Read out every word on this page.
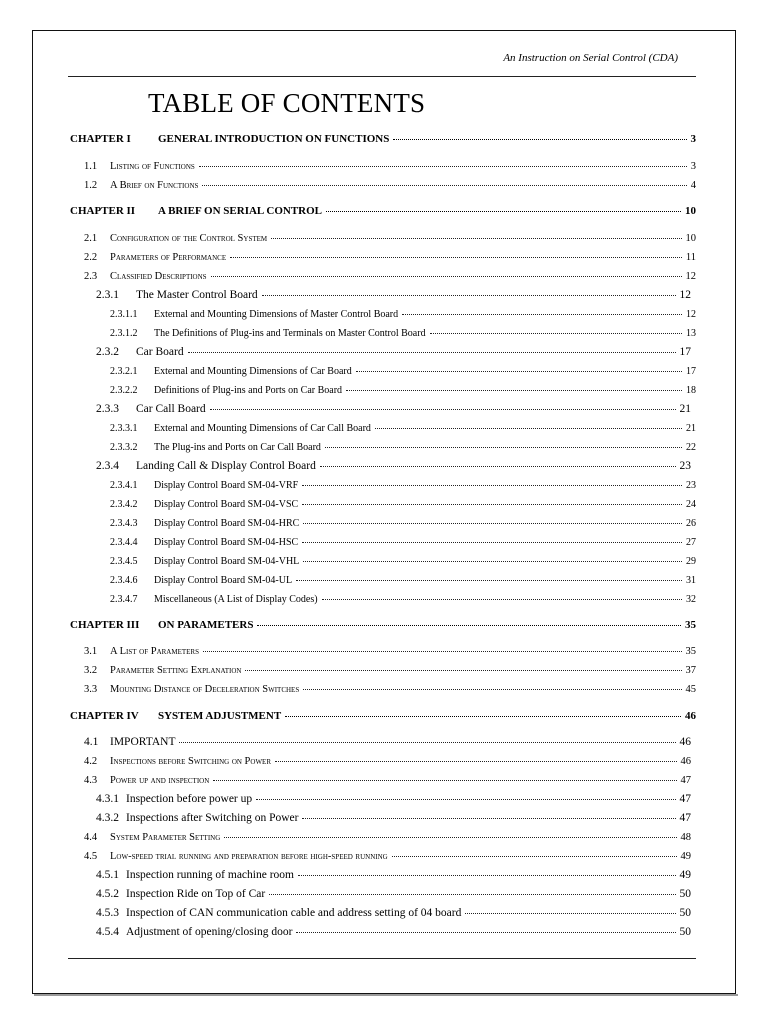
An Instruction on Serial Control (CDA)
TABLE OF CONTENTS
CHAPTER I	GENERAL INTRODUCTION ON FUNCTIONS	3
1.1	Listing of Functions	3
1.2	A Brief on Functions	4
CHAPTER II	A BRIEF ON SERIAL CONTROL	10
2.1	Configuration of the Control System	10
2.2	Parameters of Performance	11
2.3	Classified Descriptions	12
2.3.1	The Master Control Board	12
2.3.1.1	External and Mounting Dimensions of Master Control Board	12
2.3.1.2	The Definitions of Plug-ins and Terminals on Master Control Board	13
2.3.2	Car Board	17
2.3.2.1	External and Mounting Dimensions of Car Board	17
2.3.2.2	Definitions of Plug-ins and Ports on Car Board	18
2.3.3	Car Call Board	21
2.3.3.1	External and Mounting Dimensions of Car Call Board	21
2.3.3.2	The Plug-ins and Ports on Car Call Board	22
2.3.4	Landing Call & Display Control Board	23
2.3.4.1	Display Control Board SM-04-VRF	23
2.3.4.2	Display Control Board SM-04-VSC	24
2.3.4.3	Display Control Board SM-04-HRC	26
2.3.4.4	Display Control Board SM-04-HSC	27
2.3.4.5	Display Control Board SM-04-VHL	29
2.3.4.6	Display Control Board SM-04-UL	31
2.3.4.7	Miscellaneous (A List of Display Codes)	32
CHAPTER III	ON PARAMETERS	35
3.1	A List of Parameters	35
3.2	Parameter Setting Explanation	37
3.3	Mounting Distance of Deceleration Switches	45
CHAPTER IV	SYSTEM ADJUSTMENT	46
4.1	IMPORTANT	46
4.2	Inspections before Switching on Power	46
4.3	Power up and inspection	47
4.3.1 Inspection before power up	47
4.3.2 Inspections after Switching on Power	47
4.4	System Parameter Setting	48
4.5	Low-speed trial running and preparation before high-speed running	49
4.5.1 Inspection running of machine room	49
4.5.2 Inspection Ride on Top of Car	50
4.5.3 Inspection of CAN communication cable and address setting of 04 board	50
4.5.4 Adjustment of opening/closing door	50
